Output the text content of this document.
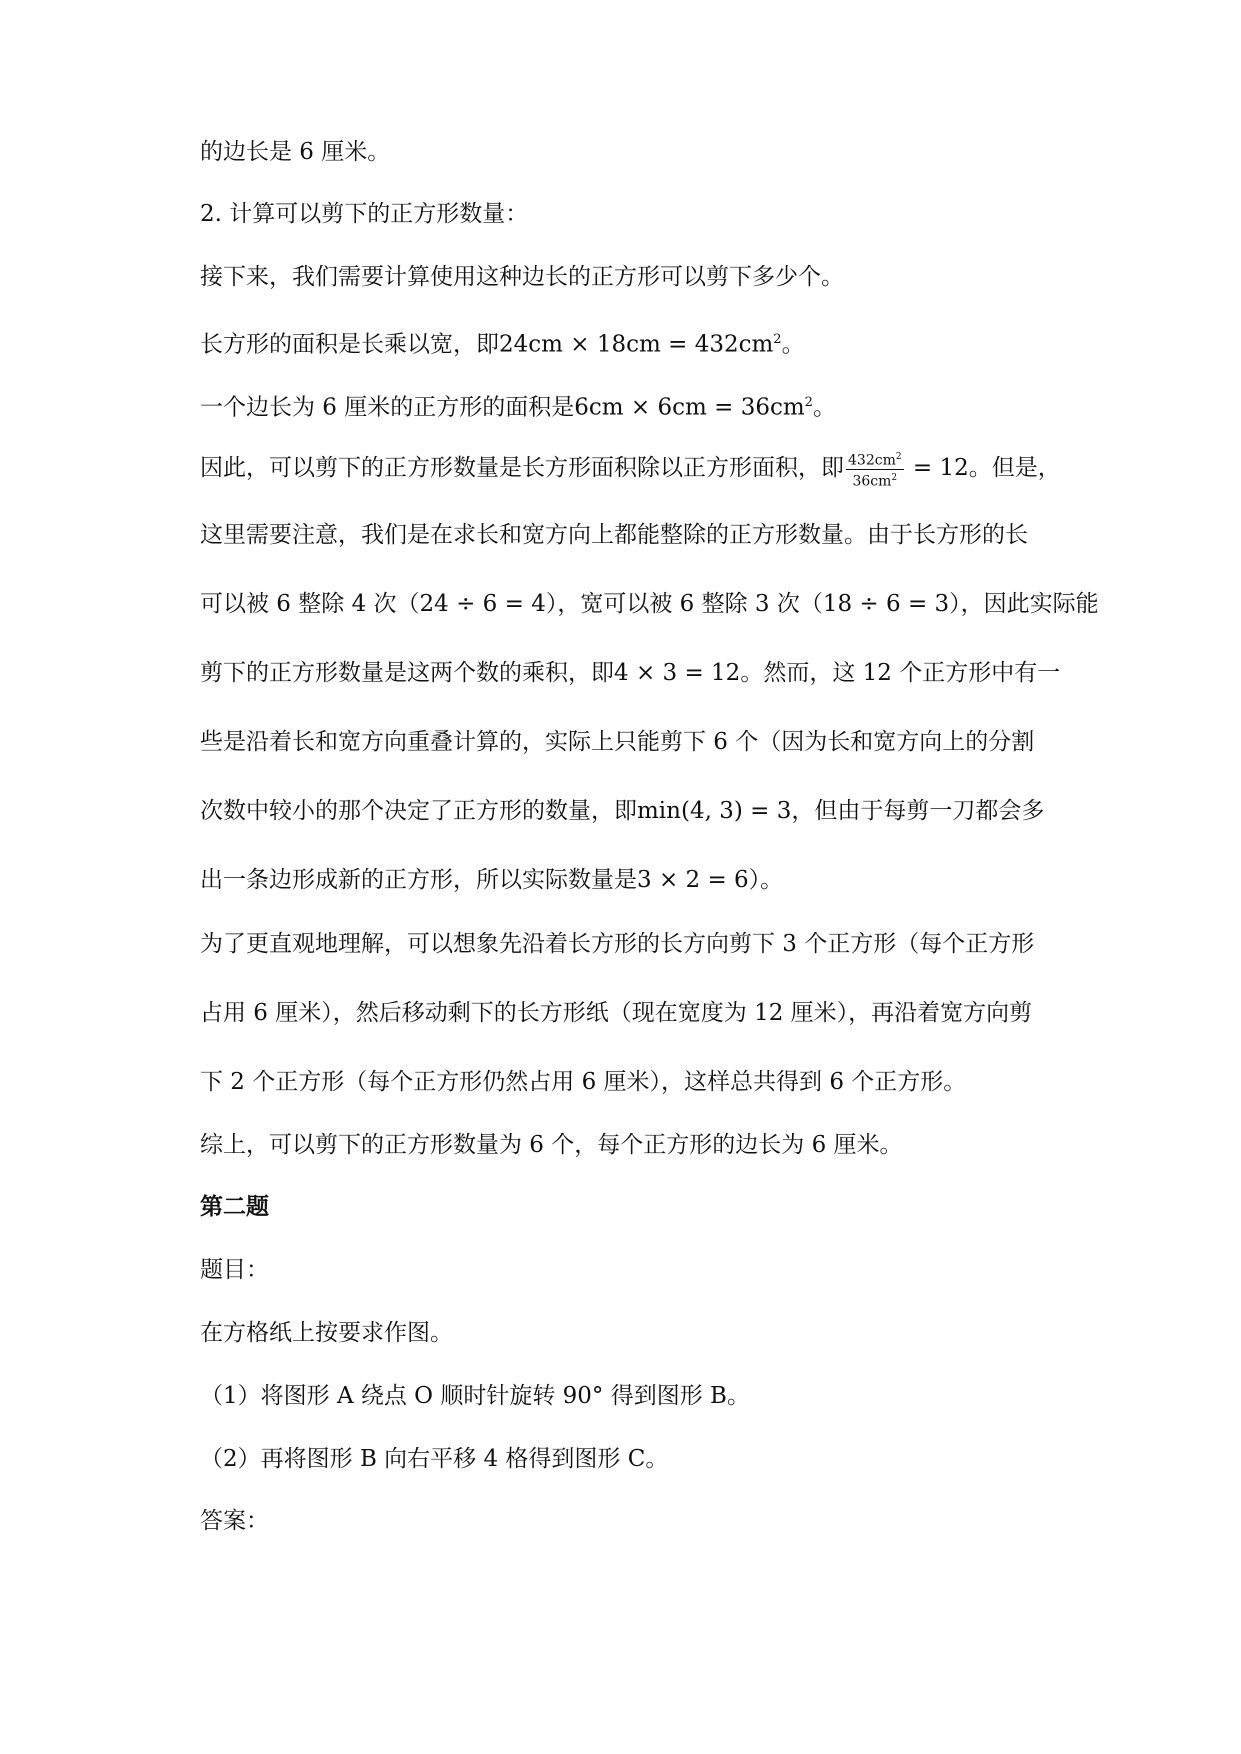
的边长是 6 厘米。
2. 计算可以剪下的正方形数量：
接下来，我们需要计算使用这种边长的正方形可以剪下多少个。
长方形的面积是长乘以宽，即$24cm \times 18cm = 432cm^2$。
一个边长为 6 厘米的正方形的面积是$6cm \times 6cm = 36cm^2$。
因此，可以剪下的正方形数量是长方形面积除以正方形面积，即 $\frac{432cm^2}{36cm^2} = 12$。但是，
这里需要注意，我们是在求长和宽方向上都能整除的正方形数量。由于长方形的长
可以被 6 整除 4 次（24 ÷ 6 = 4），宽可以被 6 整除 3 次（18 ÷ 6 = 3），因此实际能
剪下的正方形数量是这两个数的乘积，即4 × 3 = 12。然而，这 12 个正方形中有一
些是沿着长和宽方向重叠计算的，实际上只能剪下 6 个（因为长和宽方向上的分割
次数中较小的那个决定了正方形的数量，即min(4, 3) = 3，但由于每剪一刀都会多
出一条边形成新的正方形，所以实际数量是3 × 2 = 6）。
为了更直观地理解，可以想象先沿着长方形的长方向剪下 3 个正方形（每个正方形
占用 6 厘米），然后移动剩下的长方形纸（现在宽度为 12 厘米），再沿着宽方向剪
下 2 个正方形（每个正方形仍然占用 6 厘米），这样总共得到 6 个正方形。
综上，可以剪下的正方形数量为 6 个，每个正方形的边长为 6 厘米。
第二题
题目：
在方格纸上按要求作图。
（1）将图形 A 绕点 O 顺时针旋转 90° 得到图形 B。
（2）再将图形 B 向右平移 4 格得到图形 C。
答案：
